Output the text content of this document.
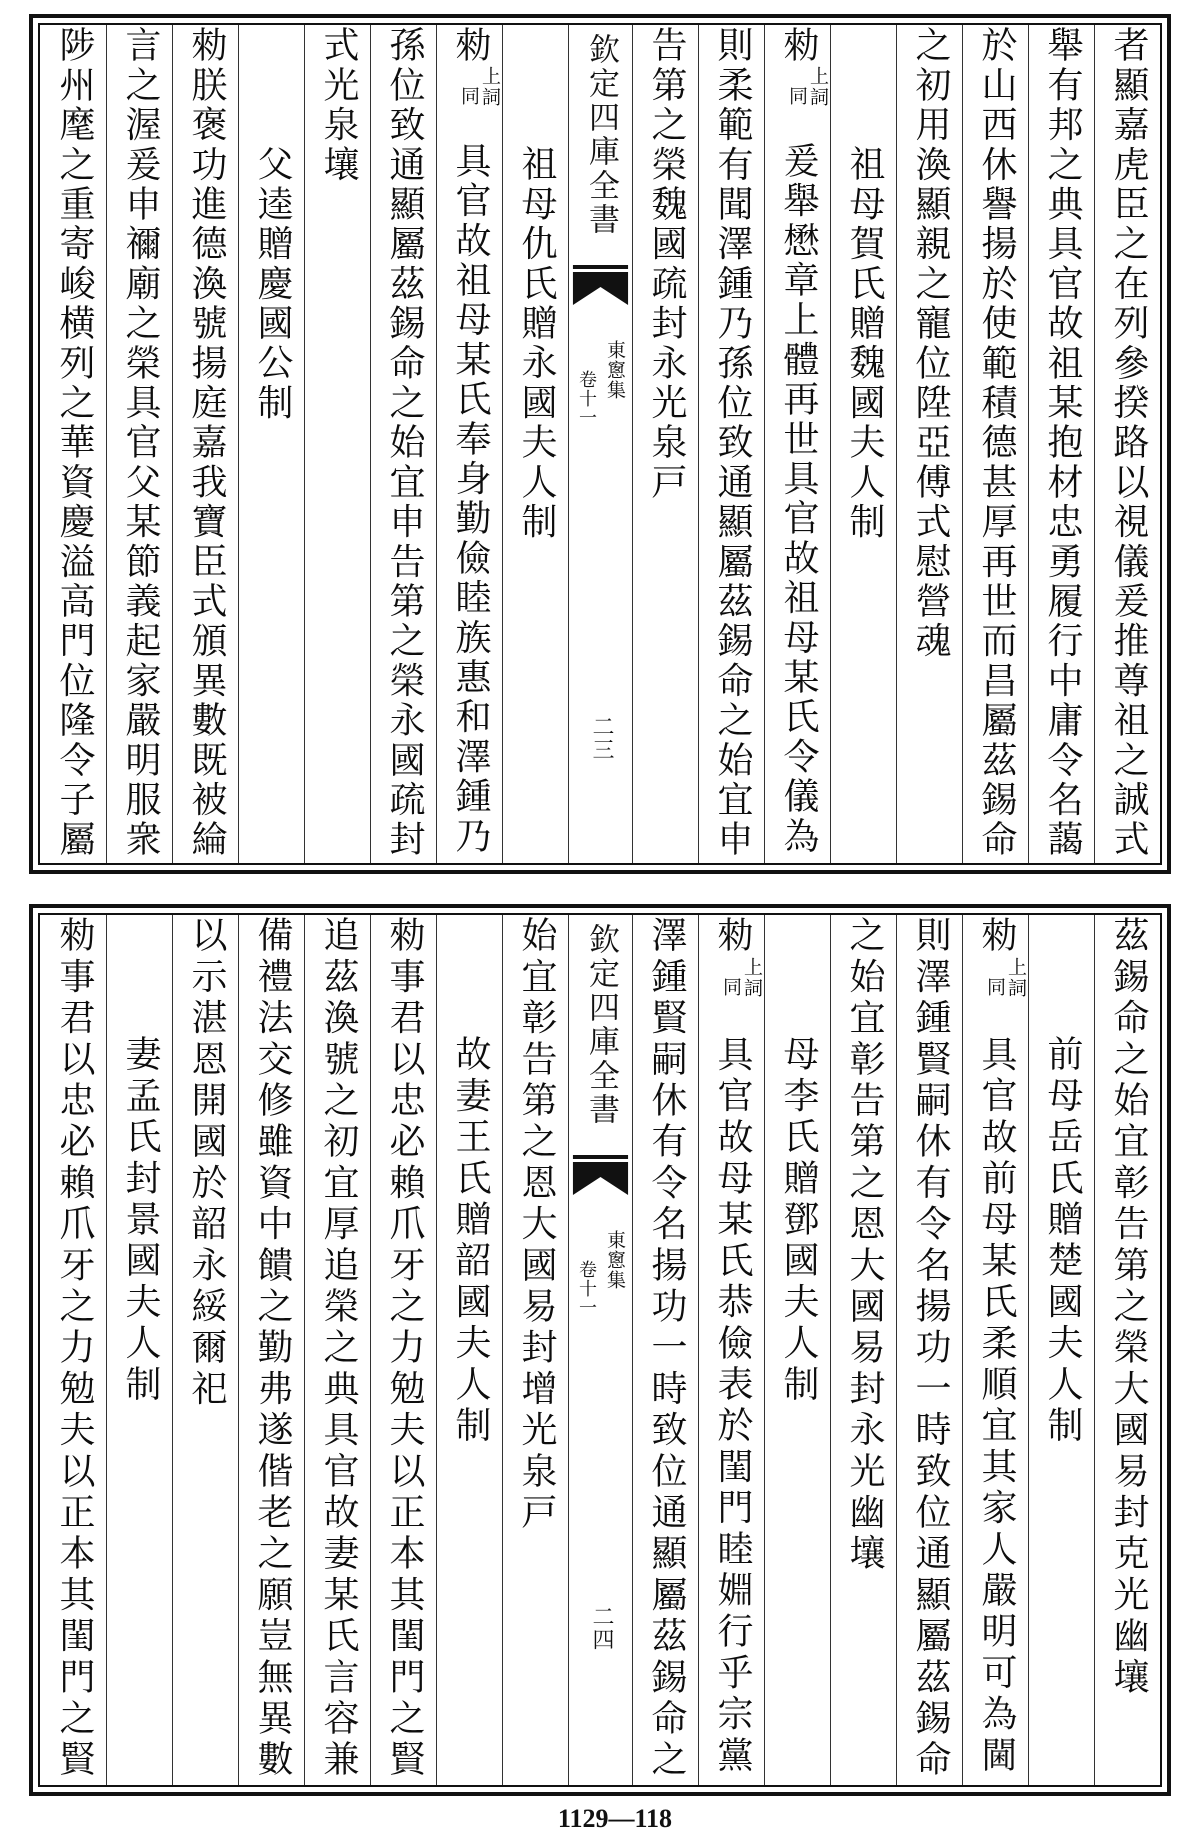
者顯嘉虎臣之在列參揆路以視儀爰推尊祖之誠式
舉有邦之典具官故祖某抱材忠勇履行中庸令名藹
於山西休譽揚於使範積德甚厚再世而昌屬茲錫命
之初用渙顯親之寵位陞亞傅式慰營魂
祖母賀氏贈魏國夫人制
勑
上詞
同
爰舉懋章上體再世具官故祖母某氏令儀為
則柔範有聞澤鍾乃孫位致通顯屬茲錫命之始宜申
告第之榮魏國疏封永光泉戸
欽定四庫全書
東窻集
卷十一
二三
祖母仇氏贈永國夫人制
勑
上詞
同
具官故祖母某氏奉身勤儉睦族惠和澤鍾乃
孫位致通顯屬茲錫命之始宜申告第之榮永國疏封
式光泉壤
父逵贈慶國公制
勑朕褒功進德渙號揚庭嘉我寶臣式頒異數既被綸
言之渥爰申禰廟之榮具官父某節義起家嚴明服衆
陟州麾之重寄峻横列之華資慶溢高門位隆令子屬
茲錫命之始宜彰告第之榮大國易封克光幽壤
前母岳氏贈楚國夫人制
勑
上詞
同
具官故前母某氏柔順宜其家人嚴明可為閫
則澤鍾賢嗣休有令名揚功一時致位通顯屬茲錫命
之始宜彰告第之恩大國易封永光幽壤
母李氏贈鄧國夫人制
勑
上詞
同
具官故母某氏恭儉表於閨門睦婣行乎宗黨
澤鍾賢嗣休有令名揚功一時致位通顯屬茲錫命之
欽定四庫全書
東窻集
卷十一
二四
始宜彰告第之恩大國易封增光泉戸
故妻王氏贈韶國夫人制
勑事君以忠必賴爪牙之力勉夫以正本其閨門之賢
追茲渙號之初宜厚追榮之典具官故妻某氏言容兼
備禮法交修雖資中饋之勤弗遂偕老之願豈無異數
以示湛恩開國於韶永綏爾祀
妻孟氏封景國夫人制
勑事君以忠必賴爪牙之力勉夫以正本其閨門之賢
1129—118
